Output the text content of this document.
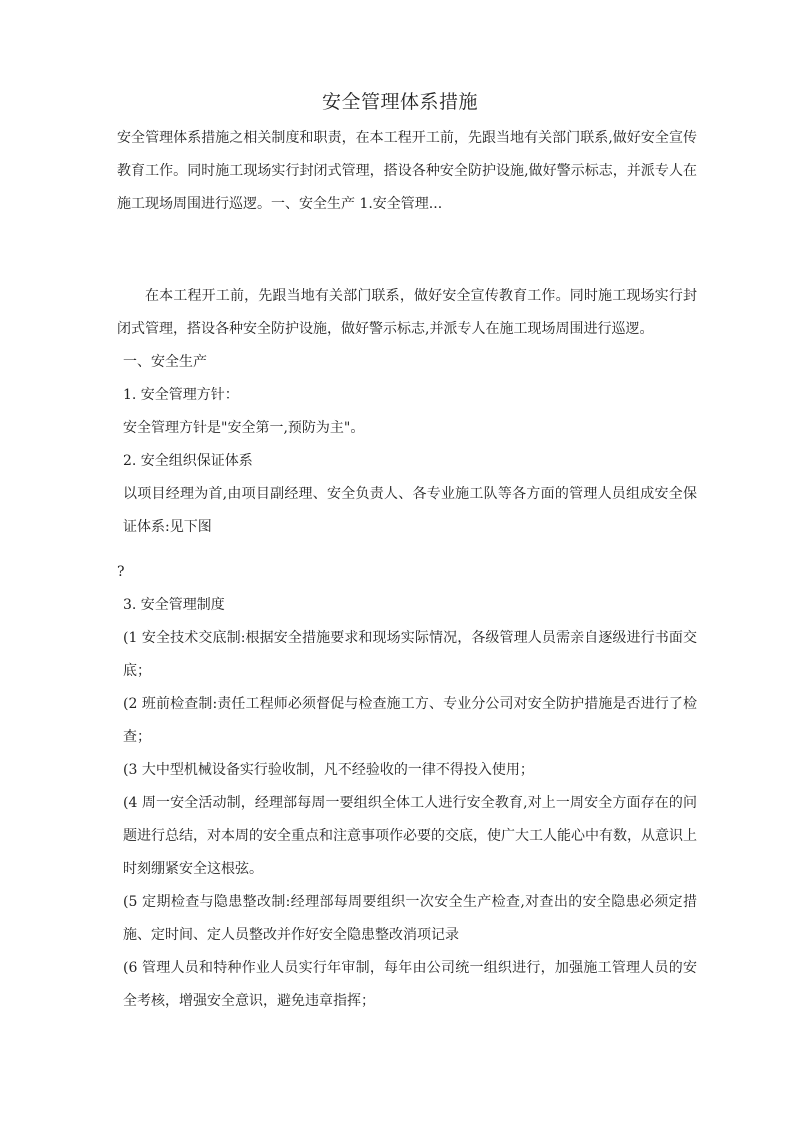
安全管理体系措施

安全管理体系措施之相关制度和职责，在本工程开工前，先跟当地有关部门联系,做好安全宣传教育工作。同时施工现场实行封闭式管理，搭设各种安全防护设施,做好警示标志，并派专人在施工现场周围进行巡逻。一、安全生产 1.安全管理...

在本工程开工前，先跟当地有关部门联系，做好安全宣传教育工作。同时施工现场实行封闭式管理，搭设各种安全防护设施，做好警示标志,并派专人在施工现场周围进行巡逻。

一、安全生产

1. 安全管理方针：

安全管理方针是"安全第一,预防为主"。

2. 安全组织保证体系

以项目经理为首,由项目副经理、安全负责人、各专业施工队等各方面的管理人员组成安全保证体系:见下图

?

3. 安全管理制度

(1 安全技术交底制:根据安全措施要求和现场实际情况，各级管理人员需亲自逐级进行书面交底；

(2 班前检查制:责任工程师必须督促与检查施工方、专业分公司对安全防护措施是否进行了检查；

(3 大中型机械设备实行验收制，凡不经验收的一律不得投入使用；

(4 周一安全活动制，经理部每周一要组织全体工人进行安全教育,对上一周安全方面存在的问题进行总结，对本周的安全重点和注意事项作必要的交底，使广大工人能心中有数，从意识上时刻绷紧安全这根弦。

(5 定期检查与隐患整改制:经理部每周要组织一次安全生产检查,对查出的安全隐患必须定措施、定时间、定人员整改并作好安全隐患整改消项记录

(6 管理人员和特种作业人员实行年审制，每年由公司统一组织进行，加强施工管理人员的安全考核，增强安全意识，避免违章指挥；
